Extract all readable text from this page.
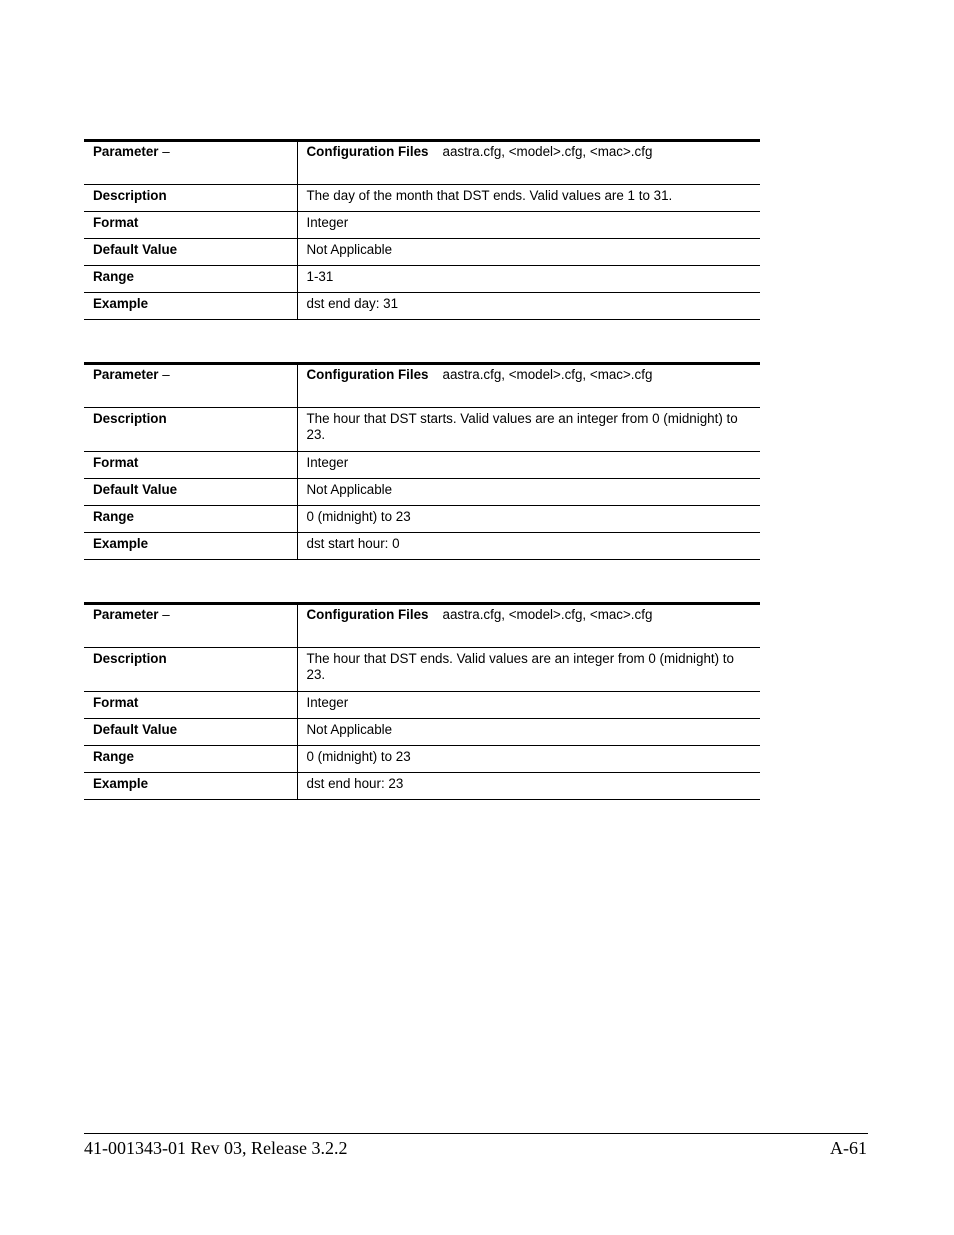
Parameter –	Configuration Files aastra.cfg, <model>.cfg, <mac>.cfg
Description	The day of the month that DST ends. Valid values are 1 to 31.
Format	Integer
Default Value	Not Applicable
Range	1-31
Example	dst end day: 31
Parameter –	Configuration Files aastra.cfg, <model>.cfg, <mac>.cfg
Description	The hour that DST starts. Valid values are an integer from 0 (midnight) to 23.
Format	Integer
Default Value	Not Applicable
Range	0 (midnight) to 23
Example	dst start hour: 0
Parameter –	Configuration Files aastra.cfg, <model>.cfg, <mac>.cfg
Description	The hour that DST ends. Valid values are an integer from 0 (midnight) to 23.
Format	Integer
Default Value	Not Applicable
Range	0 (midnight) to 23
Example	dst end hour: 23
41-001343-01 Rev 03, Release 3.2.2	A-61
